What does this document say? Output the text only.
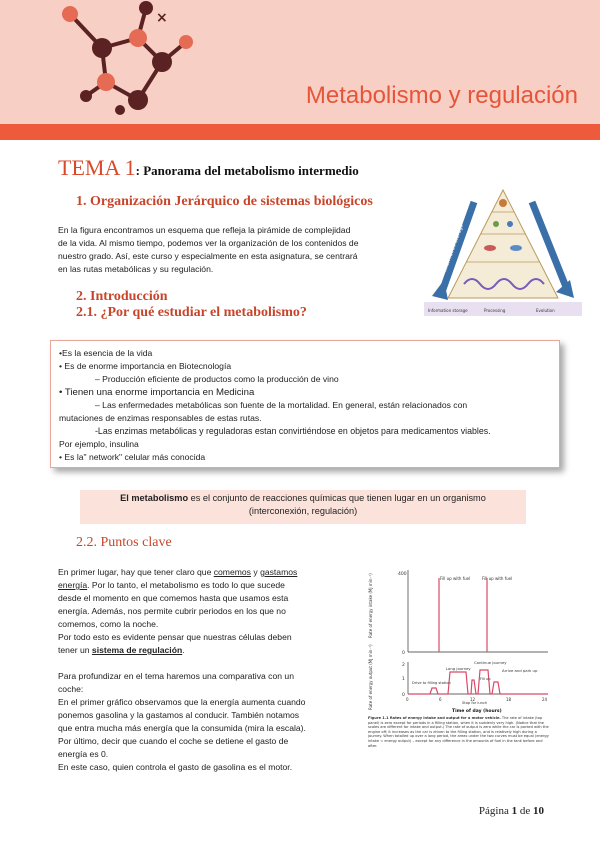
×
Metabolismo y regulación
TEMA 1: Panorama del metabolismo intermedio
1. Organización Jerárquico de sistemas biológicos
En la figura encontramos un esquema que refleja la pirámide de complejidad
de la vida. Al mismo tiempo, podemos ver la organización de los contenidos de
nuestro grado. Así, este curso y especialmente en esta asignatura, se centrará
en las rutas metabólicas y su regulación.	Information Storage	Evolution
Information storage	Processing	Evolution
2. Introducción
2.1. ¿Por qué estudiar el metabolismo?
•Es la esencia de la vida
• Es de enorme importancia en Biotecnología
– Producción eficiente de productos como la producción de vino
• Tienen una enorme importancia en Medicina
– Las enfermedades metabólicas son fuente de la mortalidad. En general, están relacionados con
mutaciones de enzimas responsables de estas rutas.
-Las enzimas metabólicas y reguladoras estan convirtiéndose en objetos para medicamentos viables.
Por ejemplo, insulina
• Es la" network" celular más conocida
El metabolismo es el conjunto de reacciones químicas que tienen lugar en un organismo
(interconexión, regulación)
2.2. Puntos clave
En primer lugar, hay que tener claro que comemos y gastamos
energía. Por lo tanto, el metabolismo es todo lo que sucede
desde el momento en que comemos hasta que usamos esta
energía. Además, nos permite cubrir periodos en los que no
comemos, como la noche.
Por todo esto es evidente pensar que nuestras células deben
tener un sistema de regulación.
Para profundizar en el tema haremos una comparativa con un
coche:
En el primer gráfico observamos que la energía aumenta cuando
ponemos gasolina y la gastamos al conducir. También notamos
que entra mucha más energía que la consumida (mira la escala).
Por último, decir que cuando el coche se detiene el gasto de
energía es 0.
En este caso, quien controla el gasto de gasolina es el motor.
Rate of energy intake (MJ min⁻¹)	400
0
Fill up with fuel	Fill up with fuel
Rate of energy output (MJ min⁻¹)	2
1
0
Drive to filling station
Long journey
Continue journey
Fill up
Stop for lunch
Arrive and park up
0	6	12	18	24
Time of day (hours)
Figure 1.1 Rates of energy intake and output for a motor vehicle. The rate of intake (top panel) is zero except for periods in a filling station, when it is suddenly very high. (Notice that the scales are different for intake and output.) The rate of output is zero while the car is parked with the engine off; it increases as the car is driven to the filling station, and is relatively high during a journey. When totalled up over a long period, the areas under the two curves must be equal (energy intake = energy output) – except for any difference in the amounts of fuel in the tank before and after.
Página 1 de 10
